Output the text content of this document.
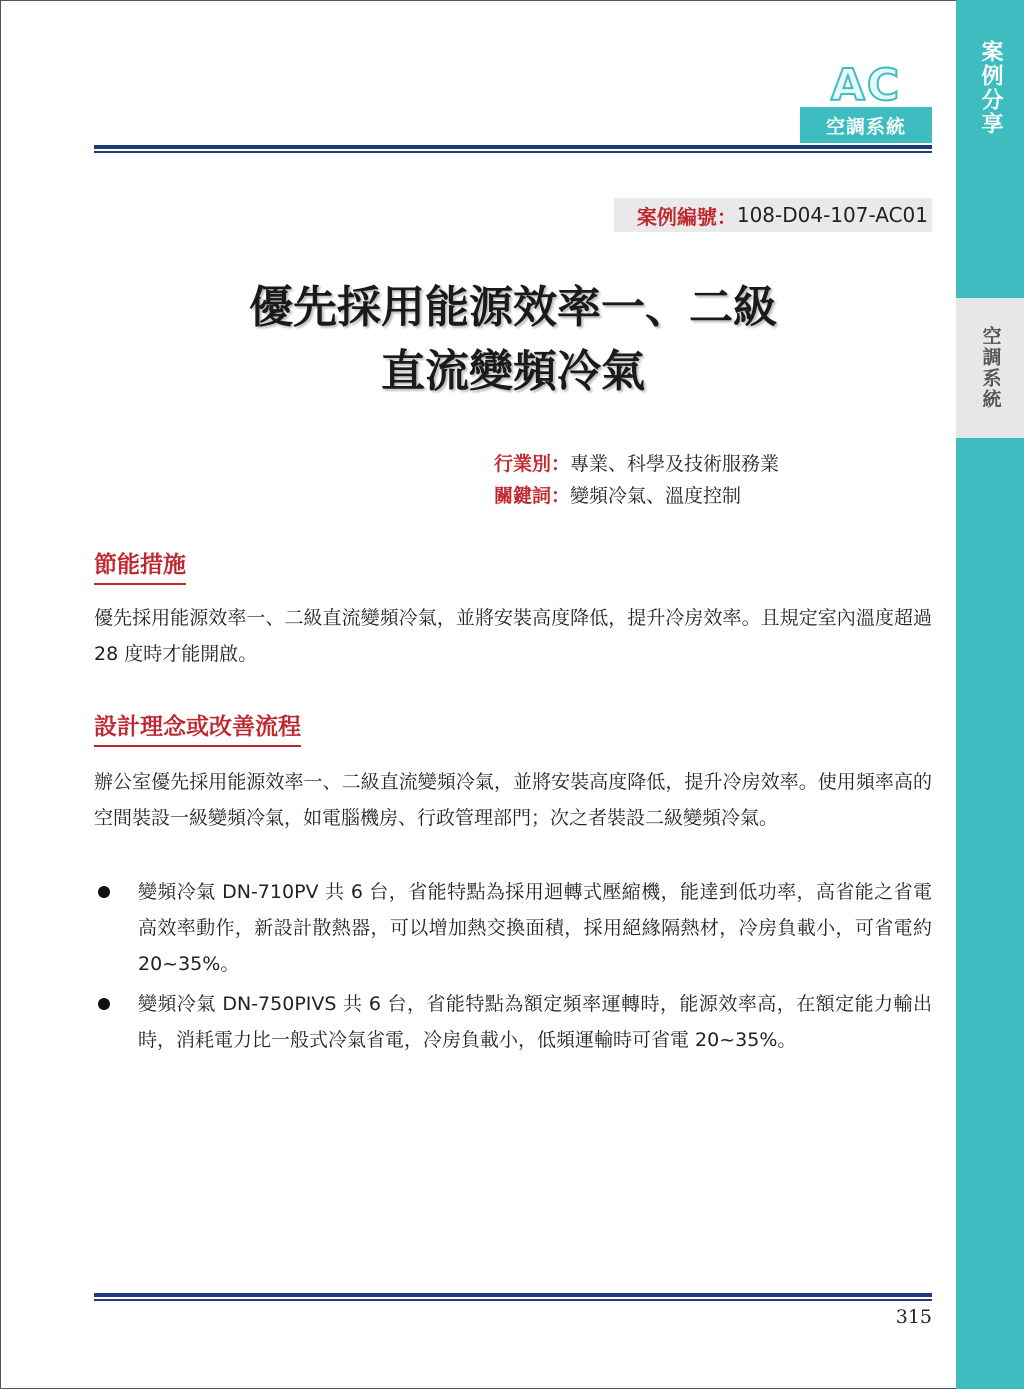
案例分享
空調系統
AC
空調系統
案例編號： 108-D04-107-AC01
優先採用能源效率一、二級
直流變頻冷氣
行業別：專業、科學及技術服務業
關鍵詞：變頻冷氣、溫度控制
節能措施
優先採用能源效率一、二級直流變頻冷氣，並將安裝高度降低，提升冷房效率。且規定室內溫度超過 28 度時才能開啟。
設計理念或改善流程
辦公室優先採用能源效率一、二級直流變頻冷氣，並將安裝高度降低，提升冷房效率。使用頻率高的空間裝設一級變頻冷氣，如電腦機房、行政管理部門；次之者裝設二級變頻冷氣。
變頻冷氣 DN-710PV 共 6 台，省能特點為採用迴轉式壓縮機，能達到低功率，高省能之省電高效率動作，新設計散熱器，可以增加熱交換面積，採用絕緣隔熱材，冷房負載小，可省電約 20~35%。
變頻冷氣 DN-750PIVS 共 6 台，省能特點為額定頻率運轉時，能源效率高，在額定能力輸出時，消耗電力比一般式冷氣省電，冷房負載小，低頻運輸時可省電 20~35%。
315
